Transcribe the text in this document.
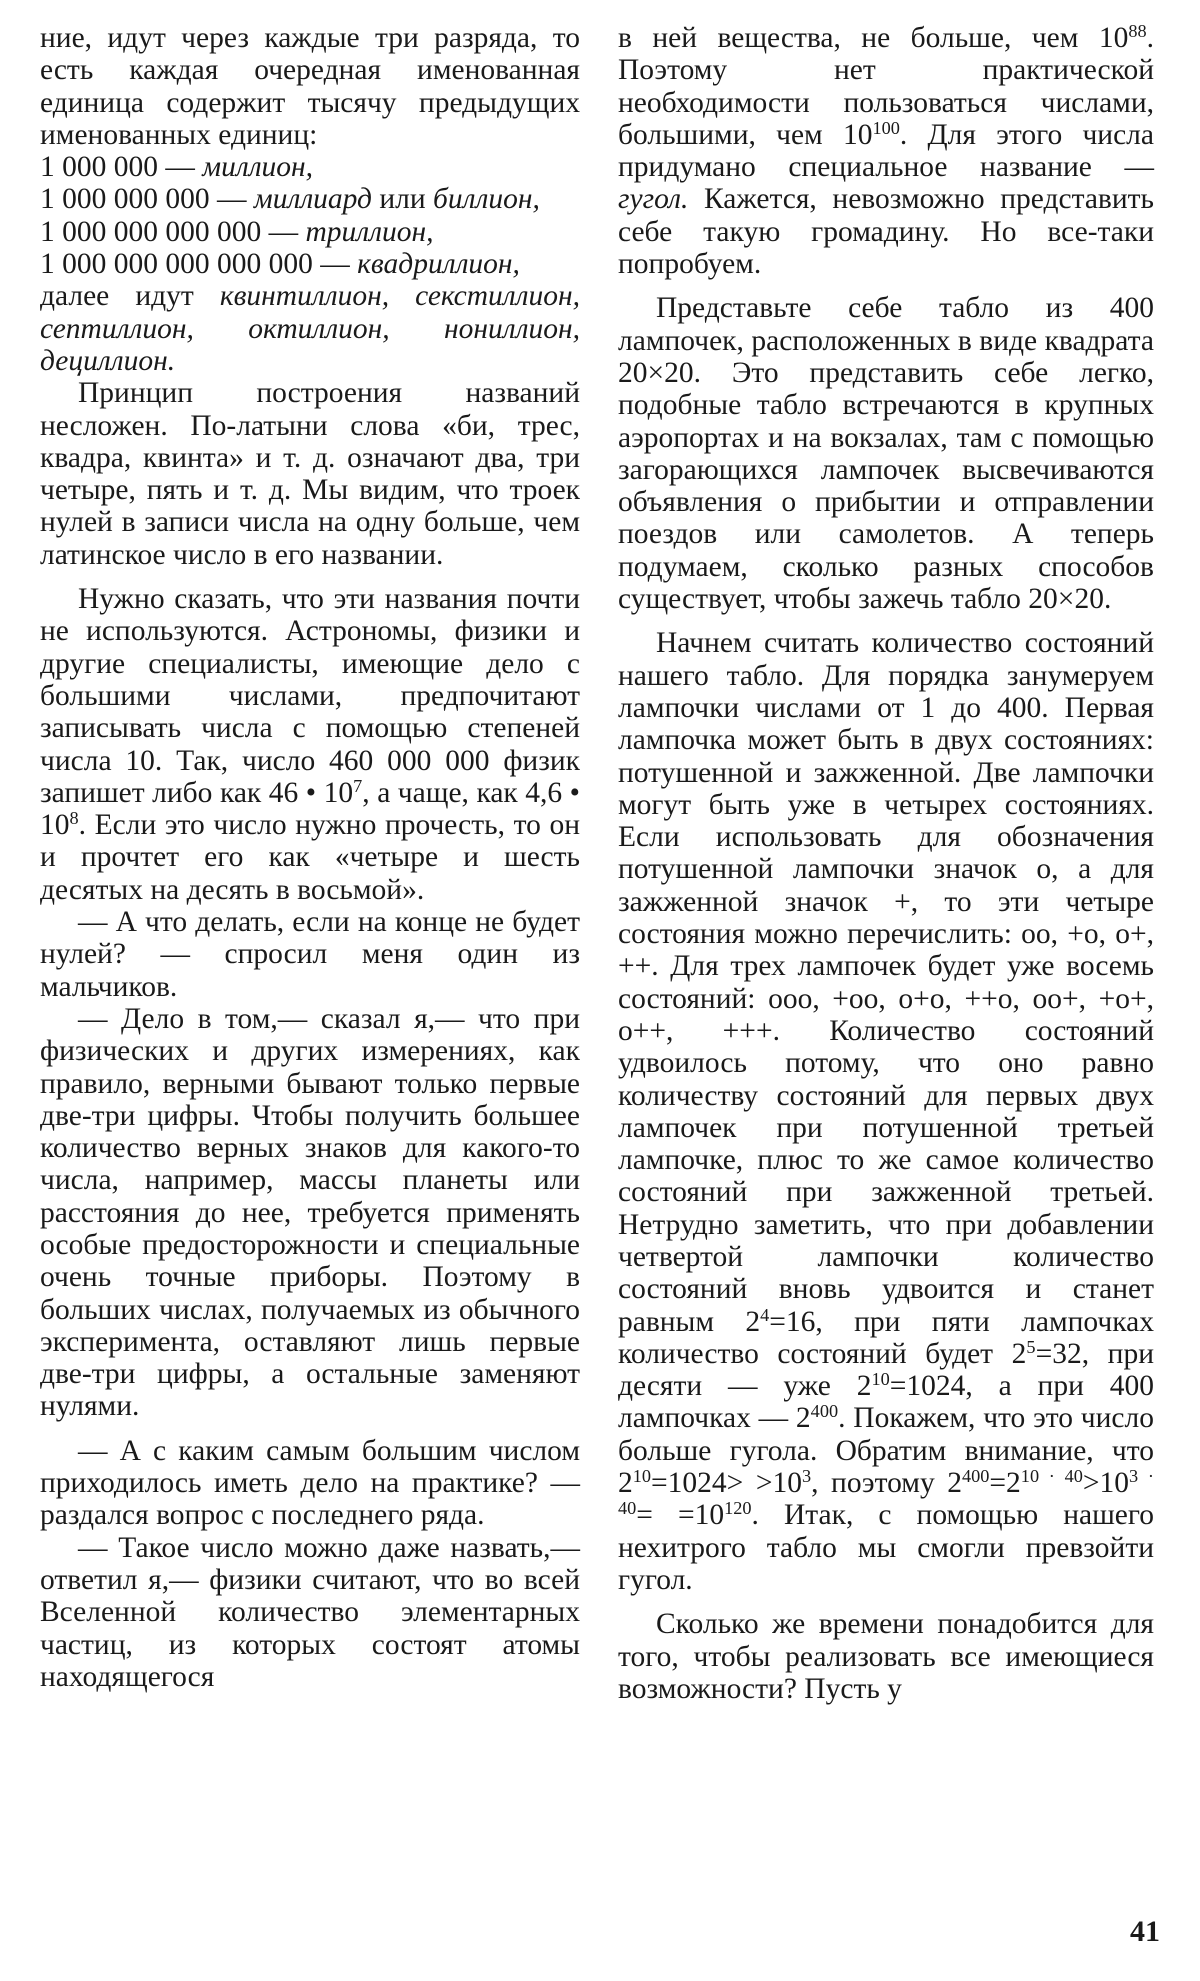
ние, идут через каждые три разряда, то есть каждая очередная именованная единица содержит тысячу предыдущих именованных единиц:

1 000 000 — миллион,

1 000 000 000 — миллиард или биллион,

1 000 000 000 000 — триллион,

1 000 000 000 000 000 — квадриллион,

далее идут квинтиллион, секстиллион, септиллион, октиллион, нониллион, дециллион.

Принцип построения названий несложен. По-латыни слова «би, трес, квадра, квинта» и т. д. означают два, три четыре, пять и т. д. Мы видим, что троек нулей в записи числа на одну больше, чем латинское число в его названии.

Нужно сказать, что эти названия почти не используются. Астрономы, физики и другие специалисты, имеющие дело с большими числами, предпочитают записывать числа с помощью степеней числа 10. Так, число 460 000 000 физик запишет либо как 46 • $10^7$, а чаще, как 4,6 • $10^8$. Если это число нужно прочесть, то он и прочтет его как «четыре и шесть десятых на десять в восьмой».

— А что делать, если на конце не будет нулей? — спросил меня один из мальчиков.

— Дело в том,— сказал я,— что при физических и других измерениях, как правило, верными бывают только первые две-три цифры. Чтобы получить большее количество верных знаков для какого-то числа, например, массы планеты или расстояния до нее, требуется применять особые предосторожности и специальные очень точные приборы. Поэтому в больших числах, получаемых из обычного эксперимента, оставляют лишь первые две-три цифры, а остальные заменяют нулями.

— А с каким самым большим числом приходилось иметь дело на практике? — раздался вопрос с последнего ряда.

— Такое число можно даже назвать,— ответил я,— физики считают, что во всей Вселенной количество элементарных частиц, из которых состоят атомы находящегося

в ней вещества, не больше, чем $10^{88}$. Поэтому нет практической необходимости пользоваться числами, большими, чем $10^{100}$. Для этого числа придумано специальное название — гугол. Кажется, невозможно представить себе такую громадину. Но все-таки попробуем.

Представьте себе табло из 400 лампочек, расположенных в виде квадрата 20×20. Это представить себе легко, подобные табло встречаются в крупных аэропортах и на вокзалах, там с помощью загорающихся лампочек высвечиваются объявления о прибытии и отправлении поездов или самолетов. А теперь подумаем, сколько разных способов существует, чтобы зажечь табло 20×20.

Начнем считать количество состояний нашего табло. Для порядка занумеруем лампочки числами от 1 до 400. Первая лампочка может быть в двух состояниях: потушенной и зажженной. Две лампочки могут быть уже в четырех состояниях. Если использовать для обозначения потушенной лампочки значок о, а для зажженной значок +, то эти четыре состояния можно перечислить: оо, +о, о+, ++. Для трех лампочек будет уже восемь состояний: ооо, +оо, о+о, ++о, оо+, +о+, о++, +++. Количество состояний удвоилось потому, что оно равно количеству состояний для первых двух лампочек при потушенной третьей лампочке, плюс то же самое количество состояний при зажженной третьей. Нетрудно заметить, что при добавлении четвертой лампочки количество состояний вновь удвоится и станет равным $2^4=16$, при пяти лампочках количество состояний будет $2^5=32$, при десяти — уже $2^{10}=1024$, а при 400 лампочках — $2^{400}$. Покажем, что это число больше гугола. Обратим внимание, что $2^{10}=1024> >10^3$, поэтому $2^{400}=2^{10 \cdot 40}>10^{3 \cdot 40}= =10^{120}$. Итак, с помощью нашего нехитрого табло мы смогли превзойти гугол.

Сколько же времени понадобится для того, чтобы реализовать все имеющиеся возможности? Пусть у

41
